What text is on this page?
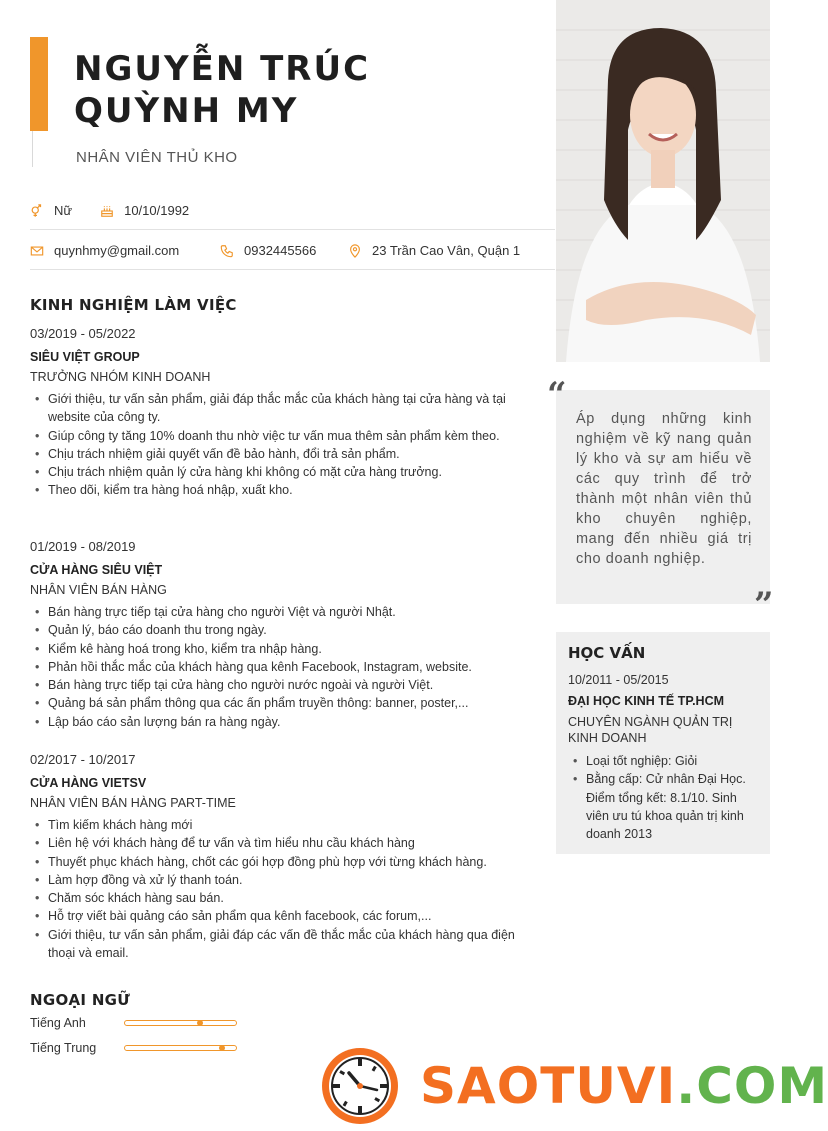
NGUYỄN TRÚC
QUỲNH MY
NHÂN VIÊN THỦ KHO
Nữ	10/10/1992
quynhmy@gmail.com	0932445566	23 Trần Cao Vân, Quận 1
KINH NGHIỆM LÀM VIỆC
03/2019 - 05/2022
SIÊU VIỆT GROUP
TRƯỞNG NHÓM KINH DOANH
• Giới thiệu, tư vấn sản phẩm, giải đáp thắc mắc của khách hàng tại cửa hàng và tại website của công ty.
• Giúp công ty tăng 10% doanh thu nhờ việc tư vấn mua thêm sản phẩm kèm theo.
• Chịu trách nhiệm giải quyết vấn đề bảo hành, đổi trả sản phẩm.
• Chịu trách nhiệm quản lý cửa hàng khi không có mặt cửa hàng trưởng.
• Theo dõi, kiểm tra hàng hoá nhập, xuất kho.
01/2019 - 08/2019
CỬA HÀNG SIÊU VIỆT
NHÂN VIÊN BÁN HÀNG
• Bán hàng trực tiếp tại cửa hàng cho người Việt và người Nhật.
• Quản lý, báo cáo doanh thu trong ngày.
• Kiểm kê hàng hoá trong kho, kiểm tra nhập hàng.
• Phản hồi thắc mắc của khách hàng qua kênh Facebook, Instagram, website.
• Bán hàng trực tiếp tại cửa hàng cho người nước ngoài và người Việt.
• Quảng bá sản phẩm thông qua các ấn phẩm truyền thông: banner, poster,...
• Lập báo cáo sản lượng bán ra hàng ngày.
02/2017 - 10/2017
CỬA HÀNG VIETSV
NHÂN VIÊN BÁN HÀNG PART-TIME
• Tìm kiếm khách hàng mới
• Liên hệ với khách hàng để tư vấn và tìm hiểu nhu cầu khách hàng
• Thuyết phục khách hàng, chốt các gói hợp đồng phù hợp với từng khách hàng.
• Làm hợp đồng và xử lý thanh toán.
• Chăm sóc khách hàng sau bán.
• Hỗ trợ viết bài quảng cáo sản phẩm qua kênh facebook, các forum,...
• Giới thiệu, tư vấn sản phẩm, giải đáp các vấn đề thắc mắc của khách hàng qua điện thoại và email.
NGOẠI NGỮ
Tiếng Anh
Tiếng Trung
“
Áp dụng những kinh nghiệm về kỹ nang quản lý kho và sự am hiểu về các quy trình để trở thành một nhân viên thủ kho chuyên nghiệp, mang đến nhiều giá trị cho doanh nghiệp.
”
HỌC VẤN
10/2011 - 05/2015
ĐẠI HỌC KINH TẾ TP.HCM
CHUYÊN NGÀNH QUẢN TRỊ KINH DOANH
• Loại tốt nghiệp: Giỏi
• Bằng cấp: Cử nhân Đại Học. Điểm tổng kết: 8.1/10. Sinh viên ưu tú khoa quản trị kinh doanh 2013
SAOTUVI.COM
